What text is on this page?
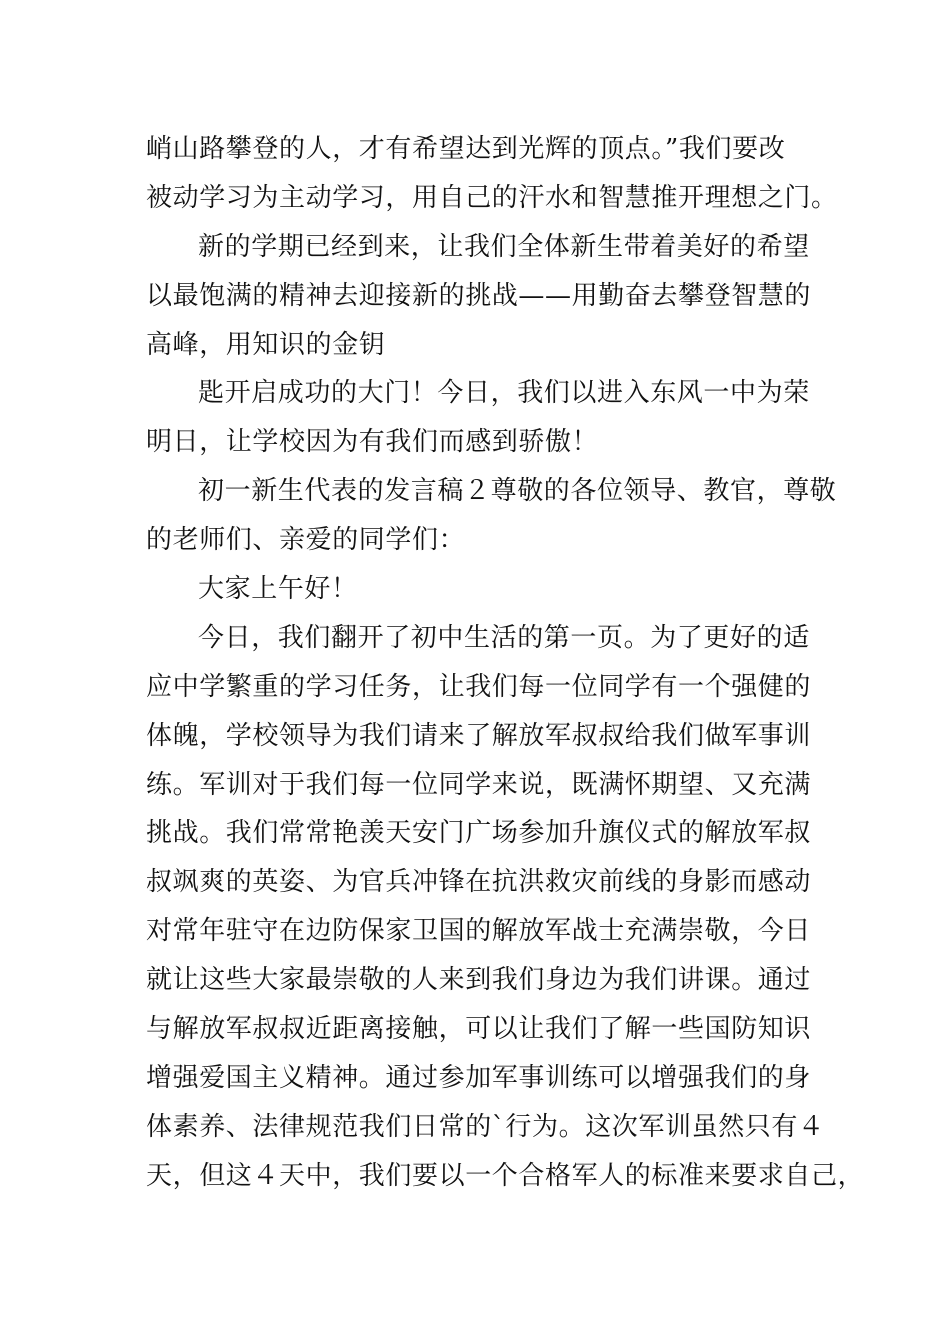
峭山路攀登的人，才有希望达到光辉的顶点。”我们要改
被动学习为主动学习，用自己的汗水和智慧推开理想之门。
新的学期已经到来，让我们全体新生带着美好的希望
以最饱满的精神去迎接新的挑战——用勤奋去攀登智慧的
高峰，用知识的金钥
匙开启成功的大门！今日，我们以进入东风一中为荣
明日，让学校因为有我们而感到骄傲！
初一新生代表的发言稿２尊敬的各位领导、教官，尊敬
的老师们、亲爱的同学们：
大家上午好！
今日，我们翻开了初中生活的第一页。为了更好的适
应中学繁重的学习任务，让我们每一位同学有一个强健的
体魄，学校领导为我们请来了解放军叔叔给我们做军事训
练。军训对于我们每一位同学来说，既满怀期望、又充满
挑战。我们常常艳羡天安门广场参加升旗仪式的解放军叔
叔飒爽的英姿、为官兵冲锋在抗洪救灾前线的身影而感动
对常年驻守在边防保家卫国的解放军战士充满崇敬，今日
就让这些大家最崇敬的人来到我们身边为我们讲课。通过
与解放军叔叔近距离接触，可以让我们了解一些国防知识
增强爱国主义精神。通过参加军事训练可以增强我们的身
体素养、法律规范我们日常的`行为。这次军训虽然只有４
天，但这４天中，我们要以一个合格军人的标准来要求自己，
